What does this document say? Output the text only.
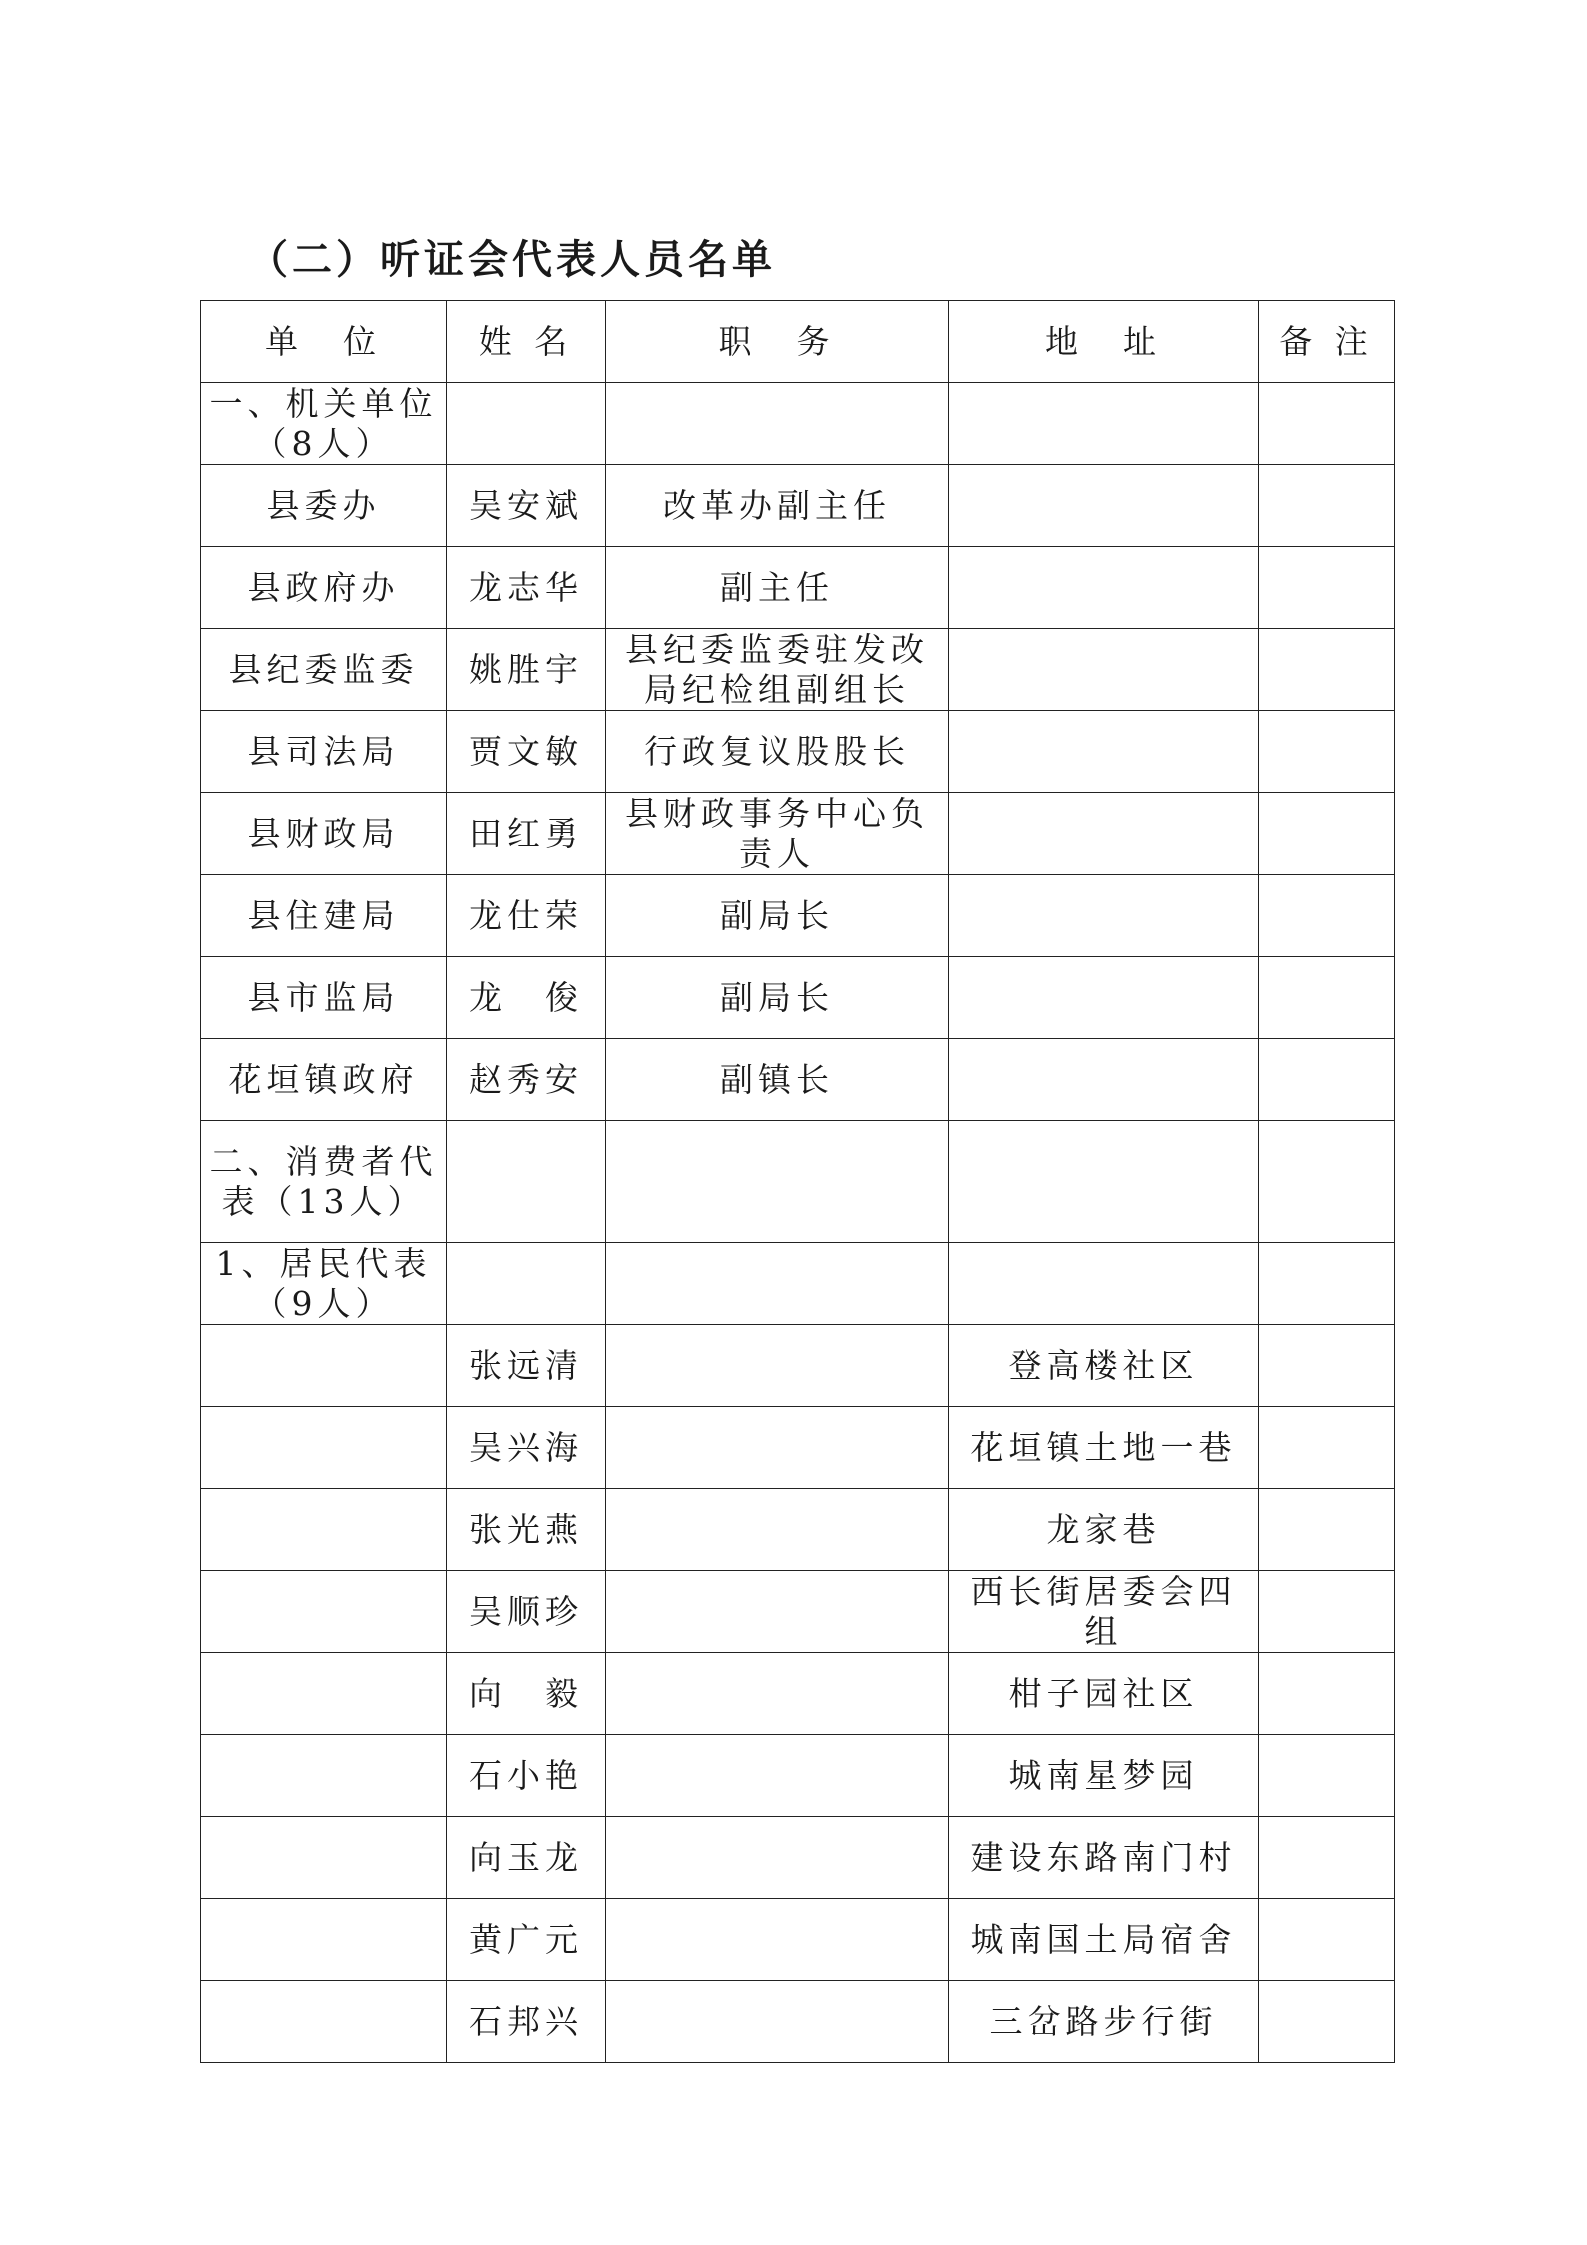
（二）听证会代表人员名单
单　位	姓 名	职　务	地　址	备 注
一、机关单位（8人）				
县委办	吴安斌	改革办副主任		
县政府办	龙志华	副主任		
县纪委监委	姚胜宇	县纪委监委驻发改局纪检组副组长		
县司法局	贾文敏	行政复议股股长		
县财政局	田红勇	县财政事务中心负责人		
县住建局	龙仕荣	副局长		
县市监局	龙　俊	副局长		
花垣镇政府	赵秀安	副镇长		
二、消费者代表（13人）				
1、居民代表（9人）				
	张远清		登高楼社区	
	吴兴海		花垣镇土地一巷	
	张光燕		龙家巷	
	吴顺珍		西长街居委会四组	
	向　毅		柑子园社区	
	石小艳		城南星梦园	
	向玉龙		建设东路南门村	
	黄广元		城南国土局宿舍	
	石邦兴		三岔路步行街	
